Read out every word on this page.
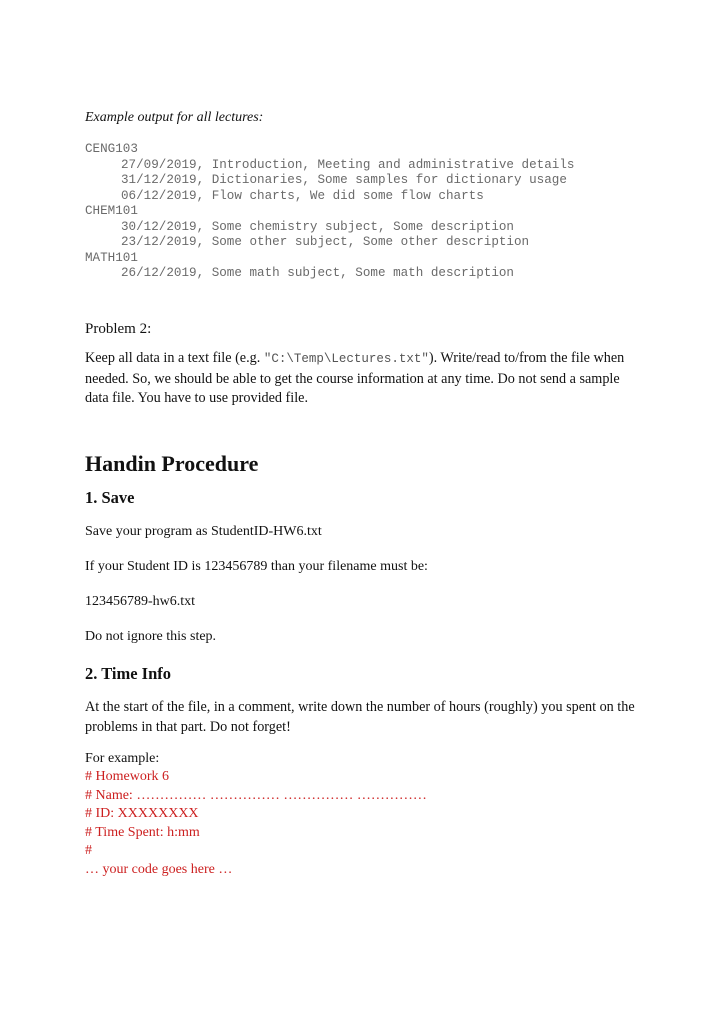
Example output for all lectures:
CENG103
27/09/2019, Introduction, Meeting and administrative details
31/12/2019, Dictionaries, Some samples for dictionary usage
06/12/2019, Flow charts, We did some flow charts
CHEM101
30/12/2019, Some chemistry subject, Some description
23/12/2019, Some other subject, Some other description
MATH101
26/12/2019, Some math subject, Some math description
Problem 2:
Keep all data in a text file (e.g. "C:\Temp\Lectures.txt"). Write/read to/from the file when needed. So, we should be able to get the course information at any time. Do not send a sample data file. You have to use provided file.
Handin Procedure
1. Save
Save your program as StudentID-HW6.txt
If your Student ID is 123456789 than your filename must be:
123456789-hw6.txt
Do not ignore this step.
2. Time Info
At the start of the file, in a comment, write down the number of hours (roughly) you spent on the problems in that part. Do not forget!
For example:
# Homework 6
# Name: …………… …………… …………… ……………
# ID: XXXXXXXX
# Time Spent: h:mm
#
… your code goes here …
